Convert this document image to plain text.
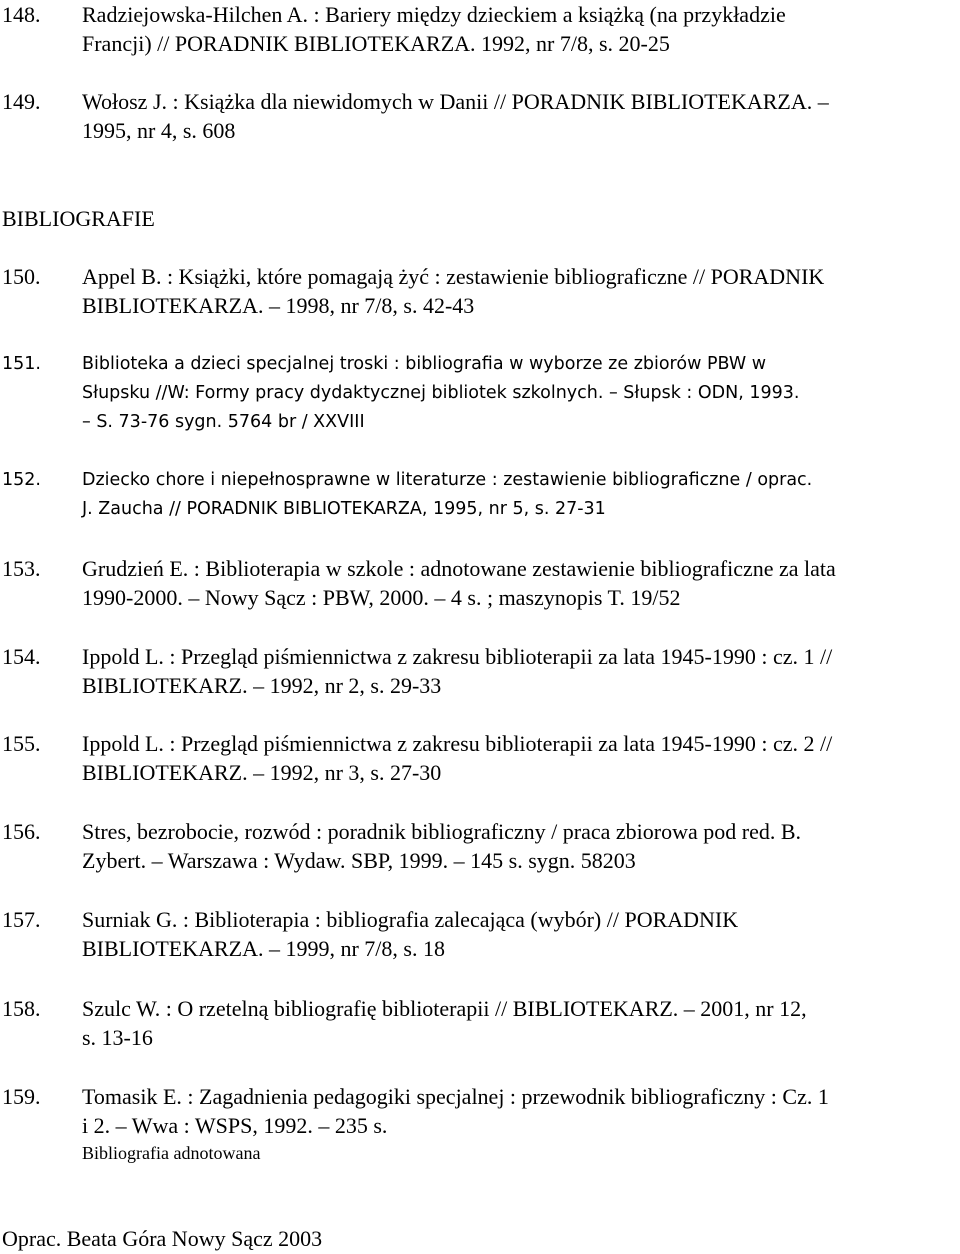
148. Radziejowska-Hilchen A. : Bariery między dzieckiem a książką (na przykładzie
Francji) // PORADNIK BIBLIOTEKARZA. 1992, nr 7/8, s. 20-25

149. Wołosz J. : Książka dla niewidomych w Danii // PORADNIK BIBLIOTEKARZA. –
1995, nr 4, s. 608

BIBLIOGRAFIE
150. Appel B. : Książki, które pomagają żyć : zestawienie bibliograficzne // PORADNIK
BIBLIOTEKARZA. – 1998, nr 7/8, s. 42-43

151. Biblioteka a dzieci specjalnej troski : bibliografia w wyborze ze zbiorów PBW w
Słupsku //W: Formy pracy dydaktycznej bibliotek szkolnych. – Słupsk : ODN, 1993.
– S. 73-76 sygn. 5764 br / XXVIII

152. Dziecko chore i niepełnosprawne w literaturze : zestawienie bibliograficzne / oprac.
J. Zaucha // PORADNIK BIBLIOTEKARZA, 1995, nr 5, s. 27-31

153. Grudzień E. : Biblioterapia w szkole : adnotowane zestawienie bibliograficzne za lata
1990-2000. – Nowy Sącz : PBW, 2000. – 4 s. ; maszynopis T. 19/52

154. Ippold L. : Przegląd piśmiennictwa z zakresu biblioterapii za lata 1945-1990 : cz. 1 //
BIBLIOTEKARZ. – 1992, nr 2, s. 29-33

155. Ippold L. : Przegląd piśmiennictwa z zakresu biblioterapii za lata 1945-1990 : cz. 2 //
BIBLIOTEKARZ. – 1992, nr 3, s. 27-30

156. Stres, bezrobocie, rozwód : poradnik bibliograficzny / praca zbiorowa pod red. B.
Zybert. – Warszawa : Wydaw. SBP, 1999. – 145 s. sygn. 58203

157. Surniak G. : Biblioterapia : bibliografia zalecająca (wybór) // PORADNIK
BIBLIOTEKARZA. – 1999, nr 7/8, s. 18

158. Szulc W. : O rzetelną bibliografię biblioterapii // BIBLIOTEKARZ. – 2001, nr 12,
s. 13-16

159. Tomasik E. : Zagadnienia pedagogiki specjalnej : przewodnik bibliograficzny : Cz. 1
i 2. – Wwa : WSPS, 1992. – 235 s.
Bibliografia adnotowana

Oprac. Beata Góra Nowy Sącz 2003
